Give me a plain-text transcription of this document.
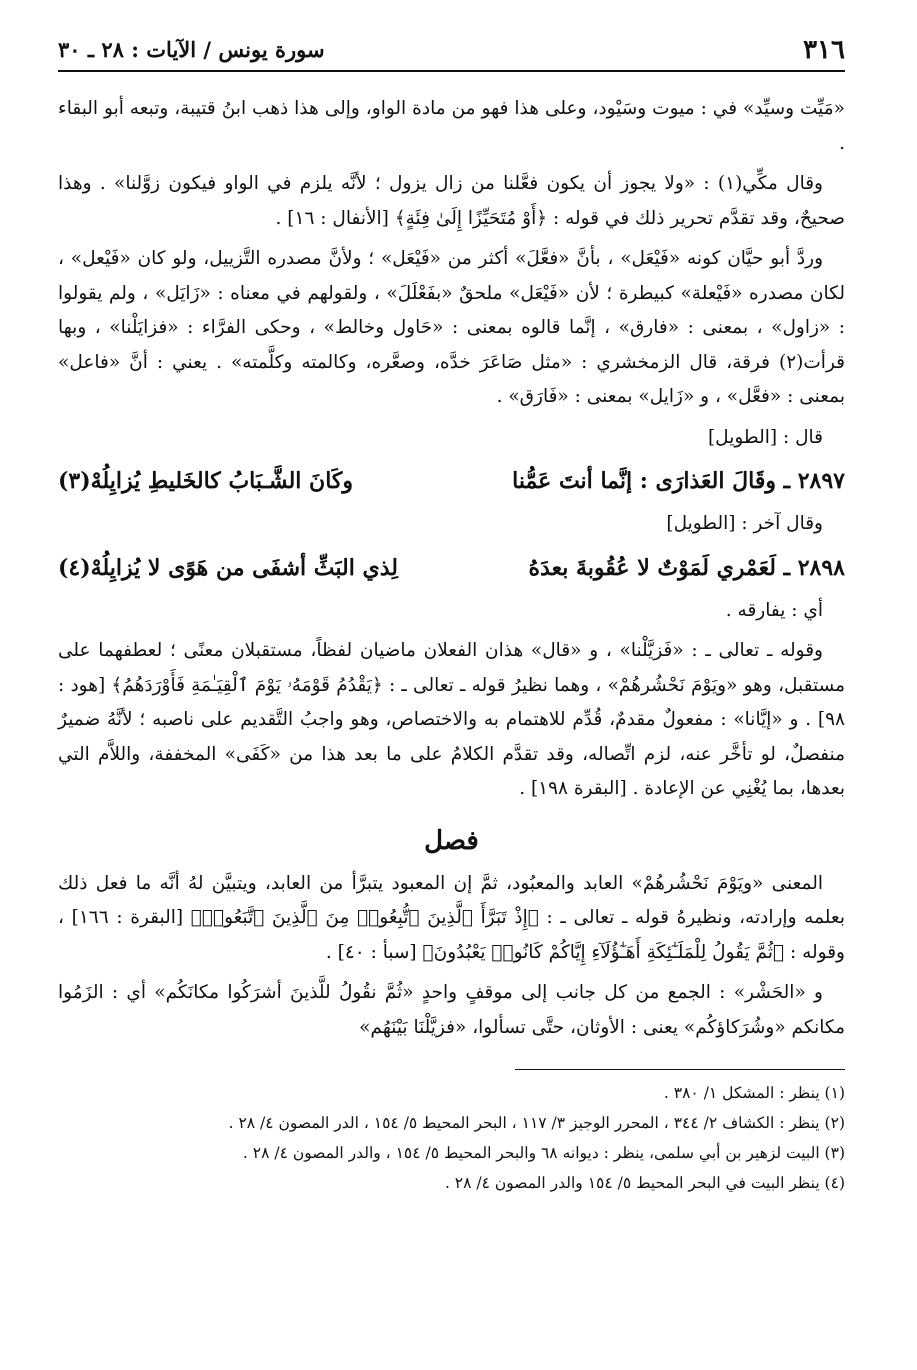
٣١٦
سورة يونس / الآيات : ٢٨ ـ ٣٠

«مَيِّت وسيِّد» في : ميوت وسَيْود، وعلى هذا فهو من مادة الواو، وإلى هذا ذهب ابنُ قتيبة، وتبعه أبو البقاء .

وقال مكِّي(١) : «ولا يجوز أن يكون فعَّلنا من زال يزول ؛ لأنَّه يلزم في الواو فيكون زوَّلنا» . وهذا صحيحٌ، وقد تقدَّم تحرير ذلك في قوله : ﴿أَوْ مُتَحَيِّزًا إِلَىٰ فِئَةٍ﴾ [الأنفال : ١٦] .

وردَّ أبو حيَّان كونه «فَيْعَل» ، بأنَّ «فعَّلَ» أكثر من «فَيْعَل» ؛ ولأنَّ مصدره التَّزييل، ولو كان «فَيْعل» ، لكان مصدره «فَيْعلة» كبيطرة ؛ لأن «فَيْعَل» ملحقٌ «بفَعْلَلَ» ، ولقولهم في معناه : «زَايَل» ، ولم يقولوا : «زاول» ، بمعنى : «فارق» ، إنَّما قالوه بمعنى : «حَاول وخالط» ، وحكى الفرَّاء : «فزايَلْنا» ، وبها قرأت(٢) فرقة، قال الزمخشري : «مثل صَاعَرَ خدَّه، وصعَّره، وكالمته وكلَّمته» . يعني : أنَّ «فاعل» بمعنى : «فعَّل» ، و «زَايل» بمعنى : «فَارَق» .

قال : [الطويل]

٢٨٩٧ ـ وقَالَ العَذارَى : إنَّما أنتَ عَمُّنا
وكَانَ الشَّـبَابُ كالخَليطِ يُزايِلُهْ(٣)

وقال آخر : [الطويل]

٢٨٩٨ ـ لَعَمْري لَمَوْتٌ لا عُقُوبةَ بعدَهُ
لِذي البَثِّ أشفَى من هَوًى لا يُزايِلُهْ(٤)

أي : يفارقه .

وقوله ـ تعالى ـ : «فَزيَّلْنا» ، و «قال» هذان الفعلان ماضيان لفظاً، مستقبلان معنًى ؛ لعطفهما على مستقبل، وهو «ويَوْمَ نَحْشُرهُمْ» ، وهما نظيرُ قوله ـ تعالى ـ : ﴿يَقْدُمُ قَوْمَهُۥ يَوْمَ ٱلْقِيَـٰمَةِ فَأَوْرَدَهُمُ﴾ [هود : ٩٨] . و «إيَّانا» : مفعولٌ مقدمٌ، قُدِّم للاهتمام به والاختصاص، وهو واجبُ التَّقديم على ناصبه ؛ لأنَّهُ ضميرٌ منفصلٌ، لو تأخَّر عنه، لزم اتِّصاله، وقد تقدَّم الكلامُ على ما بعد هذا من «كَفَى» المخففة، واللاَّم التي بعدها، بما يُغْنِي عن الإعادة . [البقرة ١٩٨] .

فصل

المعنى «ويَوْمَ نَحْشُرهُمْ» العابد والمعبُود، ثمَّ إن المعبود يتبرَّأ من العابد، ويتبيَّن لهُ أنَّه ما فعل ذلك بعلمه وإرادته، ونظيرهُ قوله ـ تعالى ـ : ﴿إِذْ تَبَرَّأَ ٱلَّذِينَ ٱتُّبِعُوا۟ مِنَ ٱلَّذِينَ ٱتَّبَعُوا۟﴾ [البقرة : ١٦٦] ، وقوله : ﴿ثُمَّ يَقُولُ لِلْمَلَـٰٓئِكَةِ أَهَـٰٓؤُلَآءِ إِيَّاكُمْ كَانُوا۟ يَعْبُدُونَ﴾ [سبأ : ٤٠] .

و «الحَشْر» : الجمع من كل جانب إلى موقفٍ واحدٍ «ثُمَّ نقُولُ للَّذينَ أشرَكُوا مكانَكُم» أي : الزَمُوا مكانكم «وشُرَكاؤكُم» يعنى : الأوثان، حتَّى تسألوا، «فزيَّلْنَا بَيْنَهُم»

(١) ينظر : المشكل ١/ ٣٨٠ .
(٢) ينظر : الكشاف ٢/ ٣٤٤ ، المحرر الوجيز ٣/ ١١٧ ، البحر المحيط ٥/ ١٥٤ ، الدر المصون ٤/ ٢٨ .
(٣) البيت لزهير بن أبي سلمى، ينظر : ديوانه ٦٨ والبحر المحيط ٥/ ١٥٤ ، والدر المصون ٤/ ٢٨ .
(٤) ينظر البيت في البحر المحيط ٥/ ١٥٤ والدر المصون ٤/ ٢٨ .
